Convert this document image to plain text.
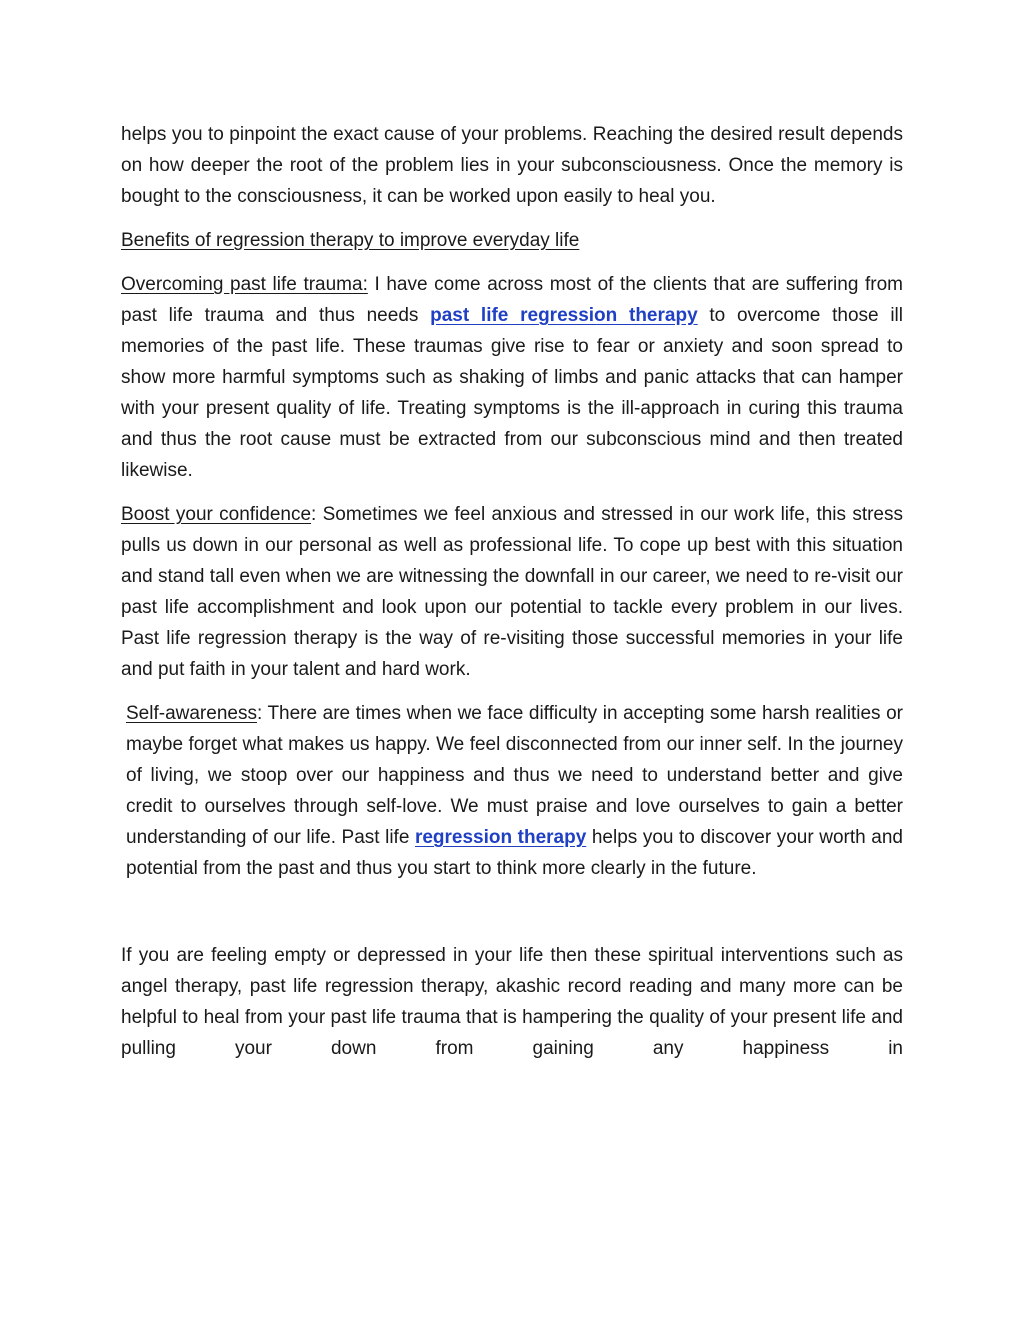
helps you to pinpoint the exact cause of your problems. Reaching the desired result depends on how deeper the root of the problem lies in your subconsciousness. Once the memory is bought to the consciousness, it can be worked upon easily to heal you.

Benefits of regression therapy to improve everyday life

Overcoming past life trauma: I have come across most of the clients that are suffering from past life trauma and thus needs past life regression therapy to overcome those ill memories of the past life. These traumas give rise to fear or anxiety and soon spread to show more harmful symptoms such as shaking of limbs and panic attacks that can hamper with your present quality of life. Treating symptoms is the ill-approach in curing this trauma and thus the root cause must be extracted from our subconscious mind and then treated likewise.

Boost your confidence: Sometimes we feel anxious and stressed in our work life, this stress pulls us down in our personal as well as professional life. To cope up best with this situation and stand tall even when we are witnessing the downfall in our career, we need to re-visit our past life accomplishment and look upon our potential to tackle every problem in our lives. Past life regression therapy is the way of re-visiting those successful memories in your life and put faith in your talent and hard work.

Self-awareness: There are times when we face difficulty in accepting some harsh realities or maybe forget what makes us happy. We feel disconnected from our inner self. In the journey of living, we stoop over our happiness and thus we need to understand better and give credit to ourselves through self-love. We must praise and love ourselves to gain a better understanding of our life. Past life regression therapy helps you to discover your worth and potential from the past and thus you start to think more clearly in the future.

If you are feeling empty or depressed in your life then these spiritual interventions such as angel therapy, past life regression therapy, akashic record reading and many more can be helpful to heal from your past life trauma that is hampering the quality of your present life and pulling your down from gaining any happiness in
